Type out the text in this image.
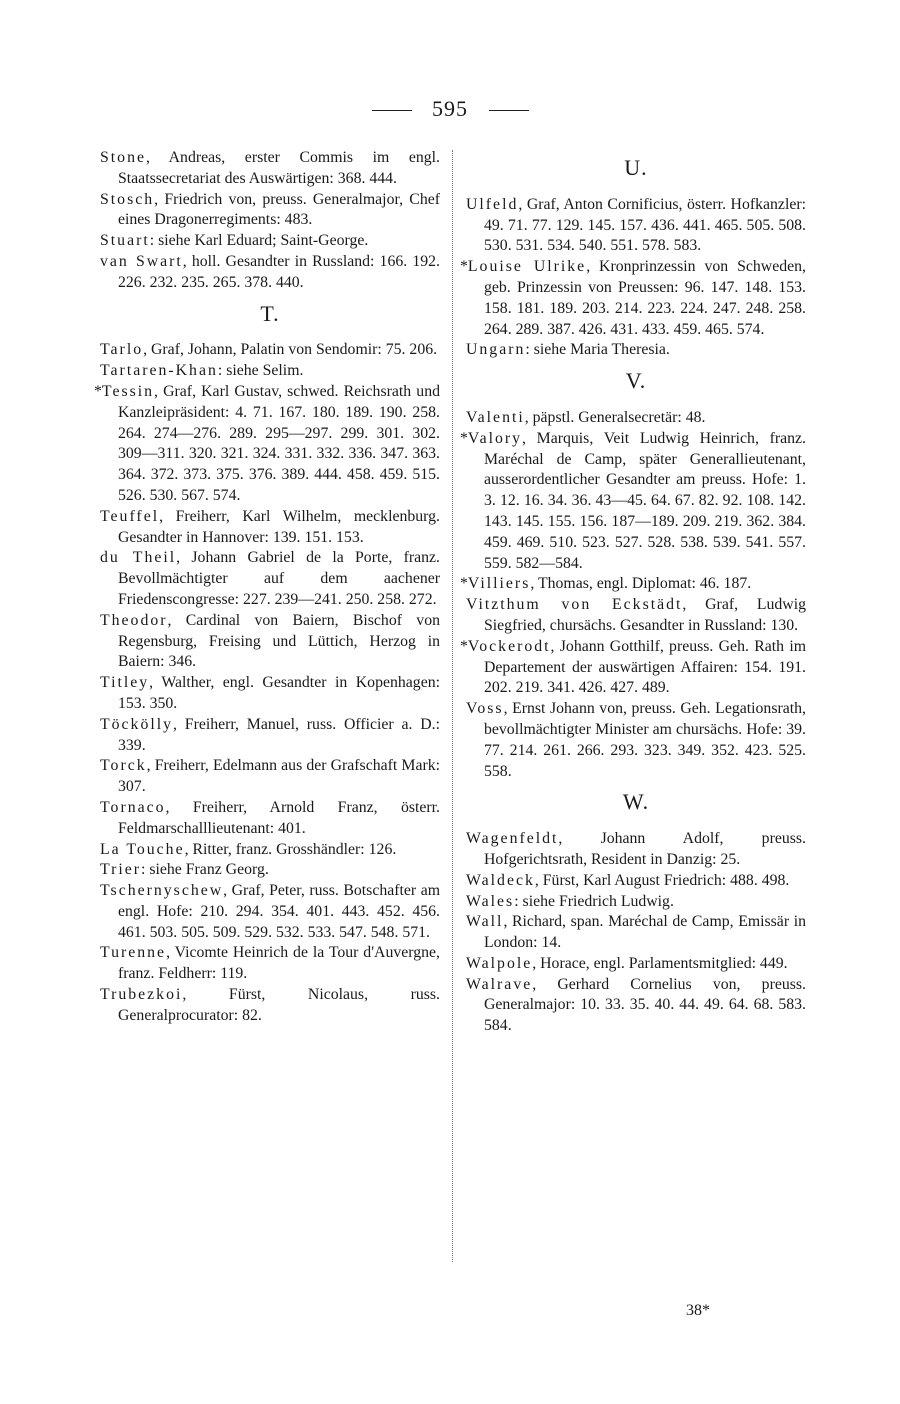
595
Stone, Andreas, erster Commis im engl. Staatssecretariat des Auswärtigen: 368. 444.
Stosch, Friedrich von, preuss. Generalmajor, Chef eines Dragonerregiments: 483.
Stuart: siehe Karl Eduard; Saint-George.
van Swart, holl. Gesandter in Russland: 166. 192. 226. 232. 235. 265. 378. 440.
T.
Tarlo, Graf, Johann, Palatin von Sendomir: 75. 206.
Tartaren-Khan: siehe Selim.
*Tessin, Graf, Karl Gustav, schwed. Reichsrath und Kanzleipräsident: 4. 71. 167. 180. 189. 190. 258. 264. 274—276. 289. 295—297. 299. 301. 302. 309—311. 320. 321. 324. 331. 332. 336. 347. 363. 364. 372. 373. 375. 376. 389. 444. 458. 459. 515. 526. 530. 567. 574.
Teuffel, Freiherr, Karl Wilhelm, mecklenburg. Gesandter in Hannover: 139. 151. 153.
du Theil, Johann Gabriel de la Porte, franz. Bevollmächtigter auf dem aachener Friedenscongresse: 227. 239—241. 250. 258. 272.
Theodor, Cardinal von Baiern, Bischof von Regensburg, Freising und Lüttich, Herzog in Baiern: 346.
Titley, Walther, engl. Gesandter in Kopenhagen: 153. 350.
Töckölly, Freiherr, Manuel, russ. Officier a. D.: 339.
Torck, Freiherr, Edelmann aus der Grafschaft Mark: 307.
Tornaco, Freiherr, Arnold Franz, österr. Feldmarschalllieutenant: 401.
La Touche, Ritter, franz. Grosshändler: 126.
Trier: siehe Franz Georg.
Tschernyschew, Graf, Peter, russ. Botschafter am engl. Hofe: 210. 294. 354. 401. 443. 452. 456. 461. 503. 505. 509. 529. 532. 533. 547. 548. 571.
Turenne, Vicomte Heinrich de la Tour d'Auvergne, franz. Feldherr: 119.
Trubezkoi, Fürst, Nicolaus, russ. Generalprocurator: 82.
U.
Ulfeld, Graf, Anton Cornificius, österr. Hofkanzler: 49. 71. 77. 129. 145. 157. 436. 441. 465. 505. 508. 530. 531. 534. 540. 551. 578. 583.
*Louise Ulrike, Kronprinzessin von Schweden, geb. Prinzessin von Preussen: 96. 147. 148. 153. 158. 181. 189. 203. 214. 223. 224. 247. 248. 258. 264. 289. 387. 426. 431. 433. 459. 465. 574.
Ungarn: siehe Maria Theresia.
V.
Valenti, päpstl. Generalsecretär: 48.
*Valory, Marquis, Veit Ludwig Heinrich, franz. Maréchal de Camp, später Generallieutenant, ausserordentlicher Gesandter am preuss. Hofe: 1. 3. 12. 16. 34. 36. 43—45. 64. 67. 82. 92. 108. 142. 143. 145. 155. 156. 187—189. 209. 219. 362. 384. 459. 469. 510. 523. 527. 528. 538. 539. 541. 557. 559. 582—584.
*Villiers, Thomas, engl. Diplomat: 46. 187.
Vitzthum von Eckstädt, Graf, Ludwig Siegfried, chursächs. Gesandter in Russland: 130.
*Vockerodt, Johann Gotthilf, preuss. Geh. Rath im Departement der auswärtigen Affairen: 154. 191. 202. 219. 341. 426. 427. 489.
Voss, Ernst Johann von, preuss. Geh. Legationsrath, bevollmächtigter Minister am chursächs. Hofe: 39. 77. 214. 261. 266. 293. 323. 349. 352. 423. 525. 558.
W.
Wagenfeldt, Johann Adolf, preuss. Hofgerichtsrath, Resident in Danzig: 25.
Waldeck, Fürst, Karl August Friedrich: 488. 498.
Wales: siehe Friedrich Ludwig.
Wall, Richard, span. Maréchal de Camp, Emissär in London: 14.
Walpole, Horace, engl. Parlamentsmitglied: 449.
Walrave, Gerhard Cornelius von, preuss. Generalmajor: 10. 33. 35. 40. 44. 49. 64. 68. 583. 584.
38*
